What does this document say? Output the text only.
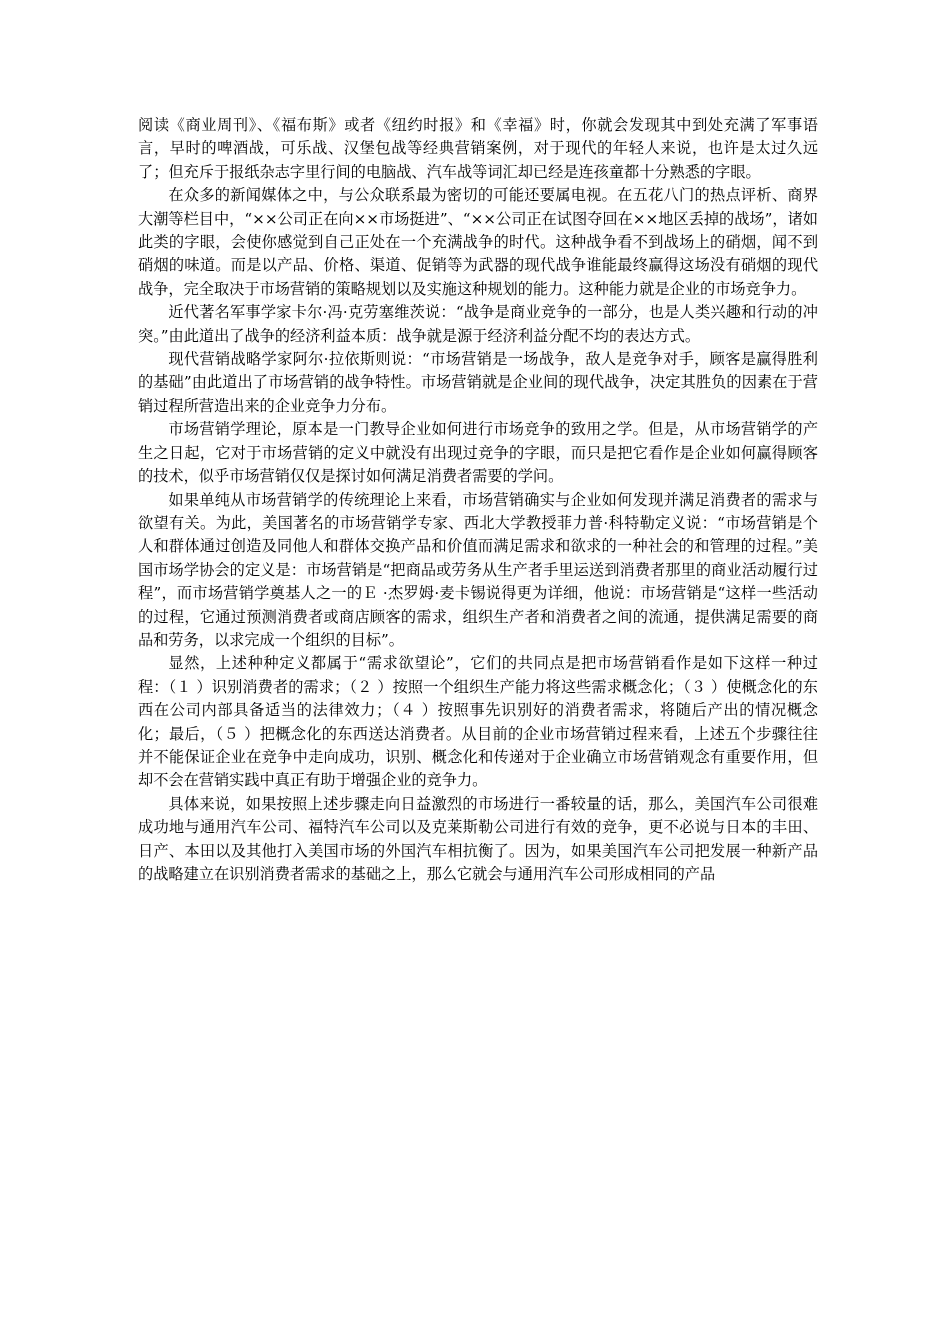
阅读《商业周刊》、《福布斯》或者《纽约时报》和《幸福》时，你就会发现其中到处充满了军事语言，早时的啤酒战，可乐战、汉堡包战等经典营销案例，对于现代的年轻人来说，也许是太过久远了；但充斥于报纸杂志字里行间的电脑战、汽车战等词汇却已经是连孩童都十分熟悉的字眼。

在众多的新闻媒体之中，与公众联系最为密切的可能还要属电视。在五花八门的热点评析、商界大潮等栏目中，“××公司正在向××市场挺进”、“××公司正在试图夺回在××地区丢掉的战场”，诸如此类的字眼，会使你感觉到自己正处在一个充满战争的时代。这种战争看不到战场上的硝烟，闻不到硝烟的味道。而是以产品、价格、渠道、促销等为武器的现代战争谁能最终赢得这场没有硝烟的现代战争，完全取决于市场营销的策略规划以及实施这种规划的能力。这种能力就是企业的市场竞争力。

近代著名军事学家卡尔·冯·克劳塞维茨说：“战争是商业竞争的一部分，也是人类兴趣和行动的冲突。”由此道出了战争的经济利益本质：战争就是源于经济利益分配不均的表达方式。

现代营销战略学家阿尔·拉依斯则说：“市场营销是一场战争，敌人是竞争对手，顾客是赢得胜利的基础”由此道出了市场营销的战争特性。市场营销就是企业间的现代战争，决定其胜负的因素在于营销过程所营造出来的企业竞争力分布。

市场营销学理论，原本是一门教导企业如何进行市场竞争的致用之学。但是，从市场营销学的产生之日起，它对于市场营销的定义中就没有出现过竞争的字眼，而只是把它看作是企业如何赢得顾客的技术，似乎市场营销仅仅是探讨如何满足消费者需要的学问。

如果单纯从市场营销学的传统理论上来看，市场营销确实与企业如何发现并满足消费者的需求与欲望有关。为此，美国著名的市场营销学专家、西北大学教授菲力普·科特勒定义说：“市场营销是个人和群体通过创造及同他人和群体交换产品和价值而满足需求和欲求的一种社会的和管理的过程。”美国市场学协会的定义是：市场营销是“把商品或劳务从生产者手里运送到消费者那里的商业活动履行过程”，而市场营销学奠基人之一的Ｅ ·杰罗姆·麦卡锡说得更为详细，他说：市场营销是“这样一些活动的过程，它通过预测消费者或商店顾客的需求，组织生产者和消费者之间的流通，提供满足需要的商品和劳务，以求完成一个组织的目标”。

显然，上述种种定义都属于“需求欲望论”，它们的共同点是把市场营销看作是如下这样一种过程：（１ ）识别消费者的需求；（２ ）按照一个组织生产能力将这些需求概念化；（３ ）使概念化的东西在公司内部具备适当的法律效力；（４ ）按照事先识别好的消费者需求，将随后产出的情况概念化；最后，（５ ）把概念化的东西送达消费者。从目前的企业市场营销过程来看，上述五个步骤往往并不能保证企业在竞争中走向成功，识别、概念化和传递对于企业确立市场营销观念有重要作用，但却不会在营销实践中真正有助于增强企业的竞争力。

具体来说，如果按照上述步骤走向日益激烈的市场进行一番较量的话，那么，美国汽车公司很难成功地与通用汽车公司、福特汽车公司以及克莱斯勒公司进行有效的竞争，更不必说与日本的丰田、日产、本田以及其他打入美国市场的外国汽车相抗衡了。因为，如果美国汽车公司把发展一种新产品的战略建立在识别消费者需求的基础之上，那么它就会与通用汽车公司形成相同的产品
